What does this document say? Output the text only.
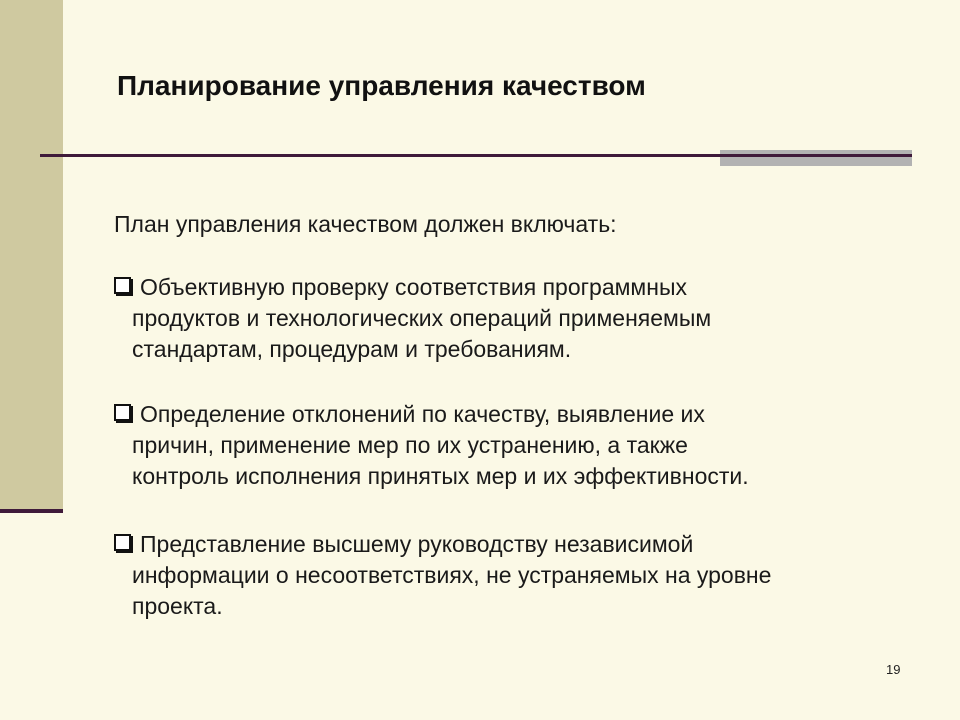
Планирование управления качеством
План управления качеством должен включать:
Объективную проверку соответствия программных
продуктов и технологических операций применяемым
стандартам, процедурам и требованиям.
Определение отклонений по качеству, выявление их
причин, применение мер по их устранению, а также
контроль исполнения принятых мер и их эффективности.
Представление высшему руководству независимой
информации о несоответствиях, не устраняемых на уровне
проекта.
19
